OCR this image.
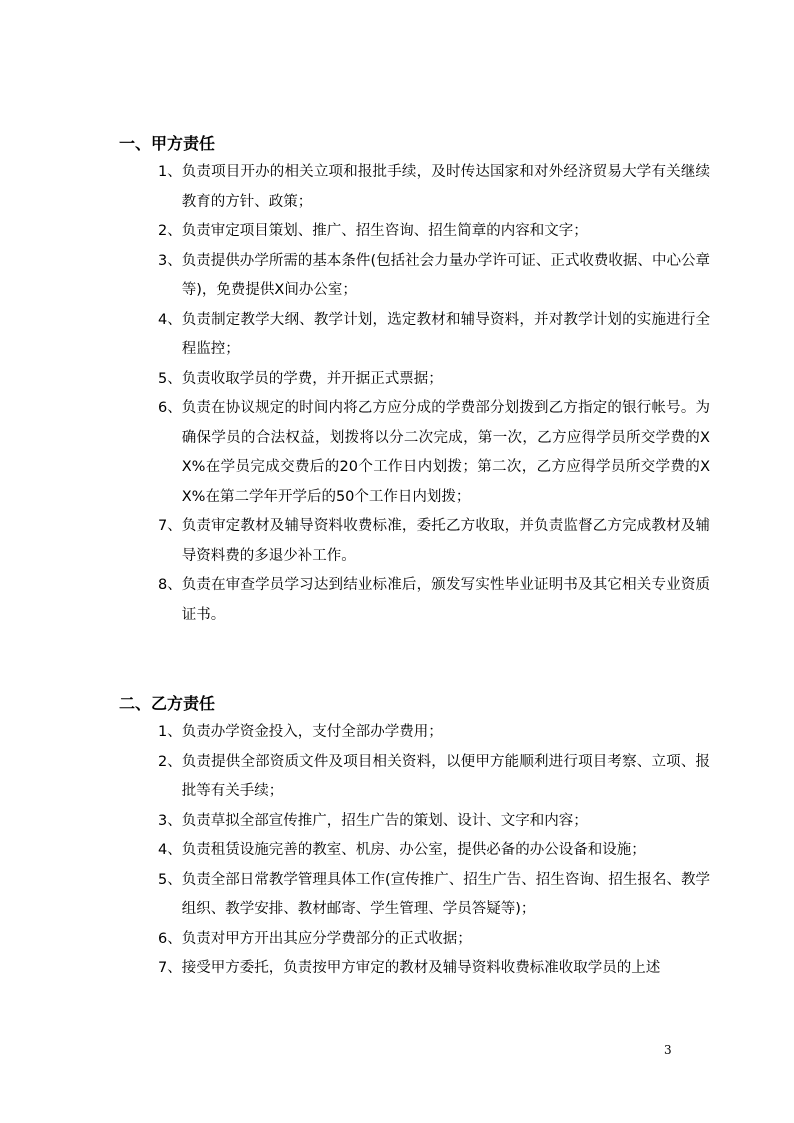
一、甲方责任
1、 负责项目开办的相关立项和报批手续，及时传达国家和对外经济贸易大学有关继续教育的方针、政策；
2、 负责审定项目策划、推广、招生咨询、招生简章的内容和文字；
3、 负责提供办学所需的基本条件(包括社会力量办学许可证、正式收费收据、中心公章等)，免费提供X间办公室；
4、 负责制定教学大纲、教学计划，选定教材和辅导资料，并对教学计划的实施进行全程监控；
5、 负责收取学员的学费，并开据正式票据；
6、 负责在协议规定的时间内将乙方应分成的学费部分划拨到乙方指定的银行帐号。为确保学员的合法权益，划拨将以分二次完成，第一次，乙方应得学员所交学费的XX%在学员完成交费后的20个工作日内划拨；第二次，乙方应得学员所交学费的XX%在第二学年开学后的50个工作日内划拨；
7、 负责审定教材及辅导资料收费标准，委托乙方收取，并负责监督乙方完成教材及辅导资料费的多退少补工作。
8、 负责在审查学员学习达到结业标准后，颁发写实性毕业证明书及其它相关专业资质证书。
二、乙方责任
1、 负责办学资金投入，支付全部办学费用；
2、 负责提供全部资质文件及项目相关资料，以便甲方能顺利进行项目考察、立项、报批等有关手续；
3、 负责草拟全部宣传推广，招生广告的策划、设计、文字和内容；
4、 负责租赁设施完善的教室、机房、办公室，提供必备的办公设备和设施；
5、 负责全部日常教学管理具体工作(宣传推广、招生广告、招生咨询、招生报名、教学组织、教学安排、教材邮寄、学生管理、学员答疑等)；
6、 负责对甲方开出其应分学费部分的正式收据；
7、 接受甲方委托，负责按甲方审定的教材及辅导资料收费标准收取学员的上述
3
